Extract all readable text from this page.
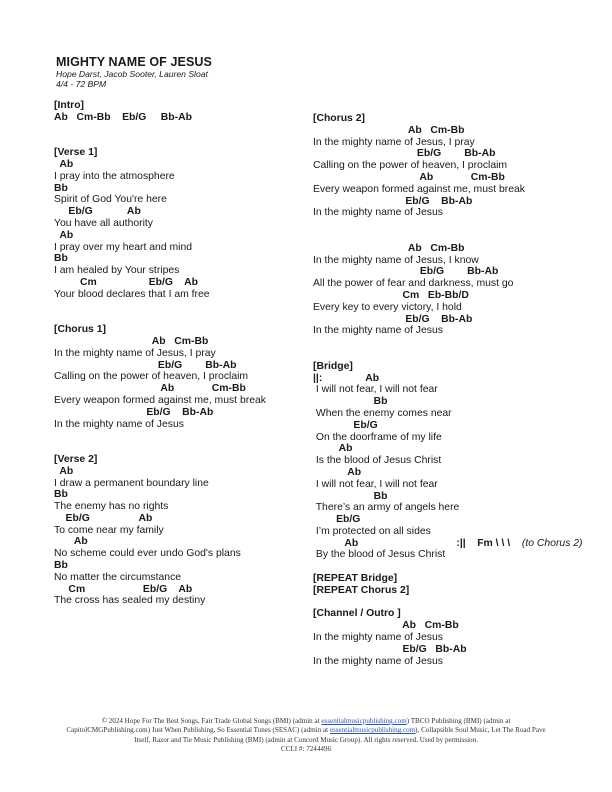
MIGHTY NAME OF JESUS
Hope Darst, Jacob Sooter, Lauren Sloat
4/4 - 72 BPM
[Intro]
Ab   Cm-Bb    Eb/G     Bb-Ab
[Verse 1]
Ab
I pray into the atmosphere
Bb
Spirit of God You're here
Eb/G            Ab
You have all authority
Ab
I pray over my heart and mind
Bb
I am healed by Your stripes
Cm                  Eb/G    Ab
Your blood declares that I am free
[Chorus 1]
Ab   Cm-Bb
In the mighty name of Jesus, I pray
Eb/G        Bb-Ab
Calling on the power of heaven, I proclaim
Ab             Cm-Bb
Every weapon formed against me, must break
Eb/G    Bb-Ab
In the mighty name of Jesus
[Verse 2]
Ab
I draw a permanent boundary line
Bb
The enemy has no rights
Eb/G                 Ab
To come near my family
Ab
No scheme could ever undo God's plans
Bb
No matter the circumstance
Cm                    Eb/G    Ab
The cross has sealed my destiny
[Chorus 2]
Ab   Cm-Bb
In the mighty name of Jesus, I pray
Eb/G        Bb-Ab
Calling on the power of heaven, I proclaim
Ab             Cm-Bb
Every weapon formed against me, must break
Eb/G    Bb-Ab
In the mighty name of Jesus
Ab   Cm-Bb
In the mighty name of Jesus, I know
Eb/G        Bb-Ab
All the power of fear and darkness, must go
Cm   Eb-Bb/D
Every key to every victory, I hold
Eb/G    Bb-Ab
In the mighty name of Jesus
[Bridge]
||:               Ab
I will not fear, I will not fear
Bb
When the enemy comes near
Eb/G
On the doorframe of my life
Ab
Is the blood of Jesus Christ
Ab
I will not fear, I will not fear
Bb
There’s an army of angels here
Eb/G
I’m protected on all sides
Ab                                  :||    Fm \ \ \  (to Chorus 2)
By the blood of Jesus Christ
[REPEAT Bridge]
[REPEAT Chorus 2]
[Channel / Outro ]
Ab   Cm-Bb
In the mighty name of Jesus
Eb/G   Bb-Ab
In the mighty name of Jesus
© 2024 Hope For The Best Songs, Fair Trade Global Songs (BMI) (admin at essentialmusicpublishing.com) TBCO Publishing (BMI) (admin at CapitolCMGPublishing.com) Just When Publishing, So Essential Tunes (SESAC) (admin at essentialmusicpublishing.com), Collapsible Soul Music, Let The Road Pave Itself, Razor and Tie Music Publishing (BMI) (admin at Concord Music Group). All rights reserved. Used by permission.
CCLI #: 7244496
